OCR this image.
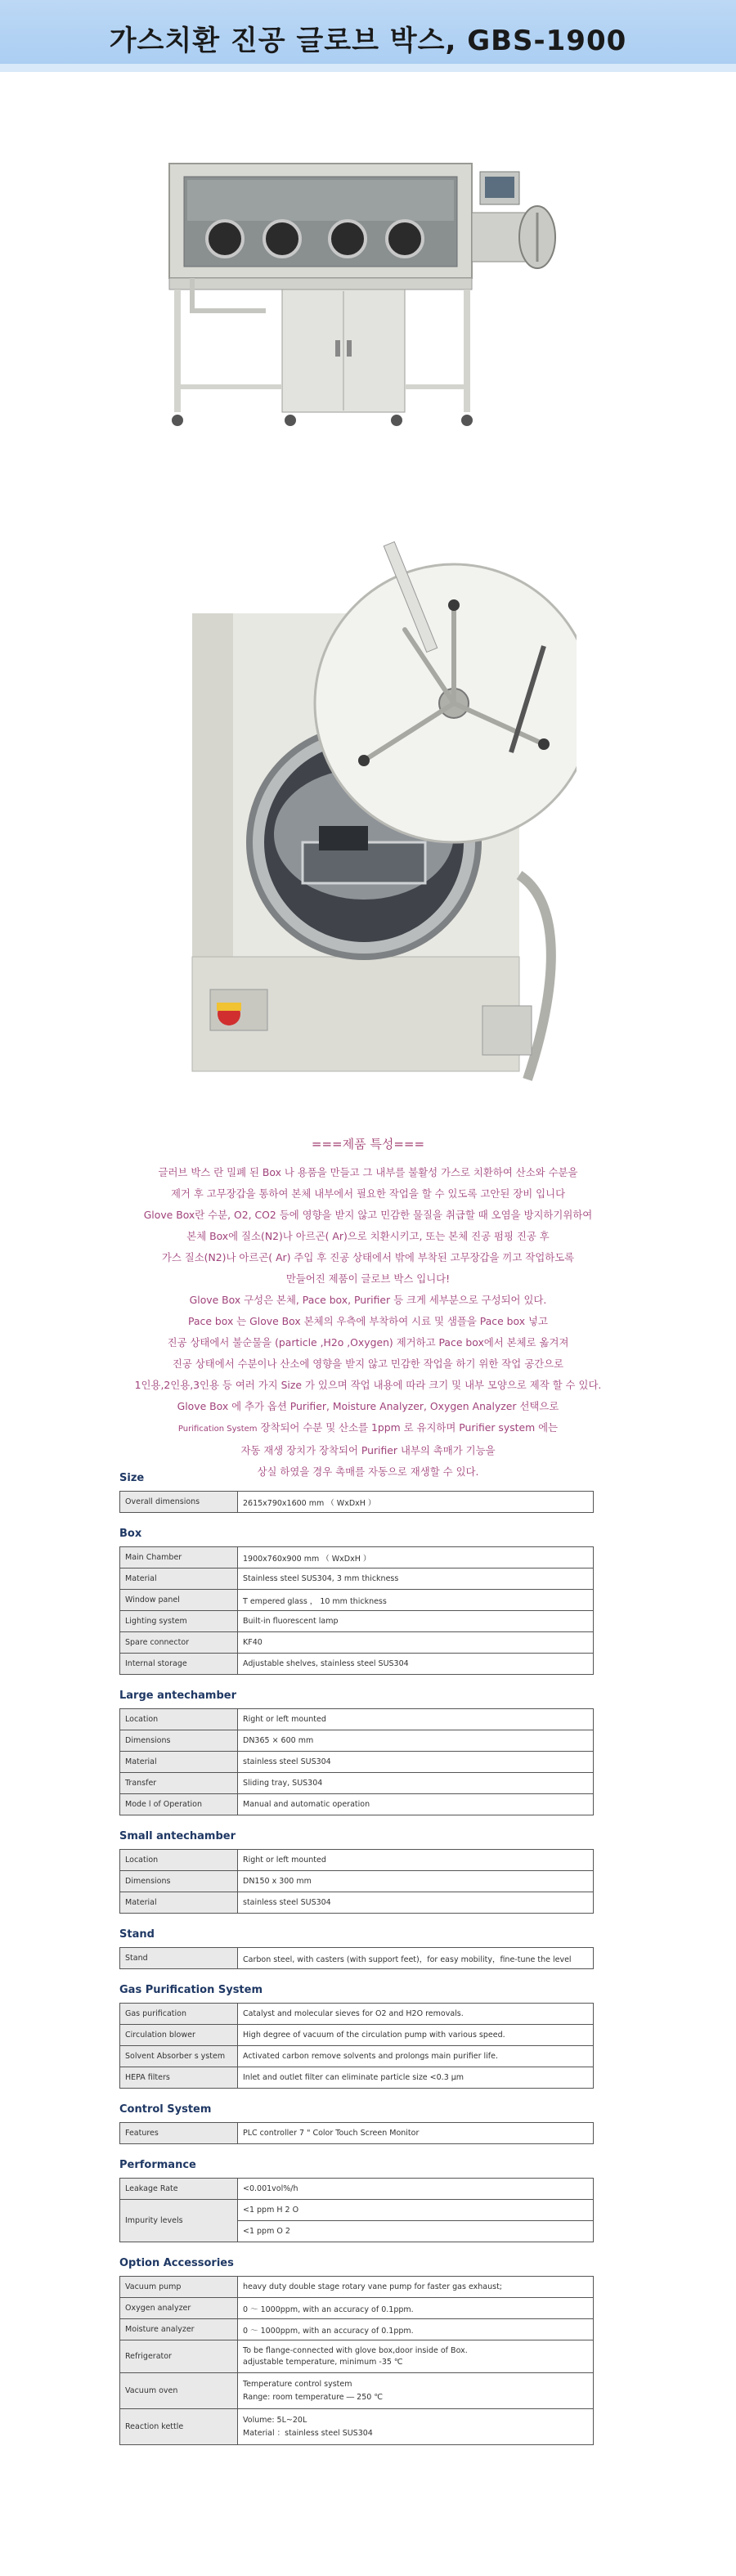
가스치환 진공 글로브 박스, GBS-1900
===제품 특성===

글러브 박스 란 밀폐 된 Box 나 용품을 만들고 그 내부를 불활성 가스로 치환하여 산소와 수분을

제거 후 고무장갑을 통하여 본체 내부에서 필요한 작업을 할 수 있도록 고안된 장비 입니다

Glove Box란 수분, O2, CO2 등에 영향을 받지 않고 민감한 물질을 취급할 때 오염을 방지하기위하여

본체 Box에 질소(N2)나 아르곤( Ar)으로 치환시키고, 또는 본체 진공 펌핑 진공 후

가스 질소(N2)나 아르곤( Ar) 주입 후 진공 상태에서 밖에 부착된 고무장갑을 끼고 작업하도록

만들어진 제품이 글로브 박스 입니다!

Glove Box 구성은 본체, Pace box, Purifier 등 크게 세부분으로 구성되어 있다.

Pace box 는 Glove Box 본체의 우측에 부착하여 시료 및 샘플을 Pace box 넣고

진공 상태에서 불순물을 (particle ,H2o ,Oxygen) 제거하고 Pace box에서 본체로 옮겨져

진공 상태에서 수분이나 산소에 영향을 받지 않고 민감한 작업을 하기 위한 작업 공간으로

1인용,2인용,3인용 등 여러 가지 Size 가 있으며 작업 내용에 따라 크기 및 내부 모양으로 제작 할 수 있다.

Glove Box 에 추가 옵션 Purifier, Moisture Analyzer, Oxygen Analyzer 선택으로

Purification System 장착되어 수분 및 산소를 1ppm 로 유지하며 Purifier system 에는

자동 재생 장치가 장착되어 Purifier 내부의 촉매가 기능을

상실 하였을 경우 촉매를 자동으로 재생할 수 있다.

Size
Overall dimensions	2615x790x1600 mm （ WxDxH ）
Box
Main Chamber	1900x760x900 mm （ WxDxH ）
Material	Stainless steel SUS304, 3 mm thickness
Window panel	T empered glass ， 10 mm thickness
Lighting system	Built-in fluorescent lamp
Spare connector	KF40
Internal storage	Adjustable shelves, stainless steel SUS304
Large antechamber
Location	Right or left mounted
Dimensions	DN365 × 600 mm
Material	stainless steel SUS304
Transfer	Sliding tray, SUS304
Mode l of Operation	Manual and automatic operation
Small antechamber
Location	Right or left mounted
Dimensions	DN150 x 300 mm
Material	stainless steel SUS304
Stand
Stand	Carbon steel, with casters (with support feet)，for easy mobility，fine-tune the level
Gas Purification System
Gas purification	Catalyst and molecular sieves for O2 and H2O removals.
Circulation blower	High degree of vacuum of the circulation pump with various speed.
Solvent Absorber s ystem	Activated carbon remove solvents and prolongs main purifier life.
HEPA filters	Inlet and outlet filter can eliminate particle size <0.3 μm
Control System
Features	PLC controller 7 " Color Touch Screen Monitor
Performance
Leakage Rate	<0.001vol%/h
Impurity levels	<1 ppm H 2 O
	<1 ppm O 2
Option Accessories
Vacuum pump	heavy duty double stage rotary vane pump for faster gas exhaust;
Oxygen analyzer	0 ～ 1000ppm, with an accuracy of 0.1ppm.
Moisture analyzer	0 ～ 1000ppm, with an accuracy of 0.1ppm.
Refrigerator	To be flange-connected with glove box,door inside of Box.
adjustable temperature, minimum -35 ℃

Vacuum oven	Temperature control system
Range: room temperature ― 250 ℃

Reaction kettle	Volume: 5L~20L
Material ：stainless steel SUS304
